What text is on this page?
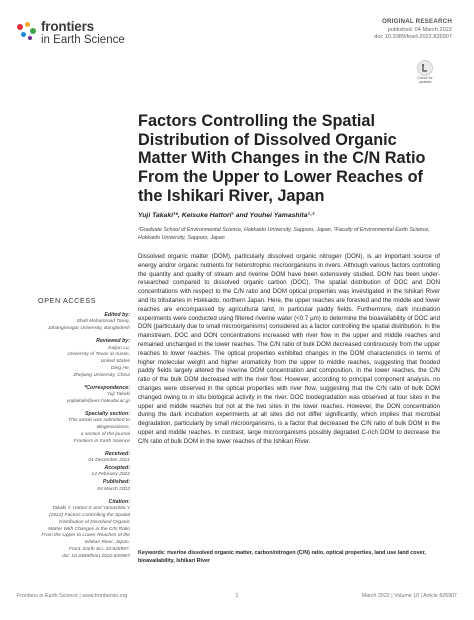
frontiers
in Earth Science
ORIGINAL RESEARCH
published: 04 March 2022
doi: 10.3389/feart.2022.826907
Check for updates
Factors Controlling the Spatial Distribution of Dissolved Organic Matter With Changes in the C/N Ratio From the Upper to Lower Reaches of the Ishikari River, Japan
Yuji Takaki¹*, Keisuke Hattori¹ and Youhei Yamashita¹·²
¹Graduate School of Environmental Science, Hokkaido University, Sapporo, Japan, ²Faculty of Environmental Earth Science, Hokkaido University, Sapporo, Japan
Dissolved organic matter (DOM), particularly dissolved organic nitrogen (DON), is an important source of energy and/or organic nutrients for heterotrophic microorganisms in rivers. Although various factors controlling the quantity and quality of stream and riverine DOM have been extensively studied, DON has been under-researched compared to dissolved organic carbon (DOC). The spatial distribution of DOC and DON concentrations with respect to the C/N ratio and DOM optical properties was investigated in the Ishikari River and its tributaries in Hokkaido, northern Japan. Here, the upper reaches are forested and the middle and lower reaches are encompassed by agricultural land, in particular paddy fields. Furthermore, dark incubation experiments were conducted using filtered riverine water (<0.7 µm) to determine the bioavailability of DOC and DON (particularly due to small microorganisms) considered as a factor controlling the spatial distribution. In the mainstream, DOC and DON concentrations increased with river flow in the upper and middle reaches and remained unchanged in the lower reaches. The C/N ratio of bulk DOM decreased continuously from the upper reaches to lower reaches. The optical properties exhibited changes in the DOM characteristics in terms of higher molecular weight and higher aromaticity from the upper to middle reaches, suggesting that flooded paddy fields largely altered the riverine DOM concentration and composition. In the lower reaches, the C/N ratio of the bulk DOM decreased with the river flow. However, according to principal component analysis, no changes were observed in the optical properties with river flow, suggesting that the C/N ratio of bulk DOM changed owing to in situ biological activity in the river. DOC biodegradation was observed at four sites in the upper and middle reaches but not at the two sites in the lower reaches. However, the DON concentration during the dark incubation experiments at all sites did not differ significantly, which implies that microbial degradation, particularly by small microorganisms, is a factor that decreased the C/N ratio of bulk DOM in the upper and middle reaches. In contrast, large microorganisms possibly degraded C-rich DOM to decrease the C/N ratio of bulk DOM in the lower reaches of the Ishikari River.
Keywords: riverine dissolved organic matter, carbon/nitrogen (C/N) ratio, optical properties, land use land cover, bioavailability, Ishikari River
OPEN ACCESS
Edited by:
Shafi Mohammad Tareq,
Jahangirnagar University, Bangladesh
Reviewed by:
Kaijun Lu,
University of Texas at Austin,
United States
Ding He,
Zhejiang University, China
*Correspondence:
Yuji Takaki
yujitakaki@ees.hokudai.ac.jp
Specialty section:
This article was submitted to
Biogeoscience,
a section of the journal
Frontiers in Earth Science
Received:
01 December 2021
Accepted:
14 February 2022
Published:
04 March 2022
Citation:
Takaki Y, Hattori K and Yamashita Y
(2022) Factors Controlling the Spatial
Distribution of Dissolved Organic
Matter With Changes in the C/N Ratio
From the Upper to Lower Reaches of the
Ishikari River, Japan.
Front. Earth Sci. 10:826907.
doi: 10.3389/feart.2022.826907
Frontiers in Earth Science | www.frontiersin.org	1	March 2022 | Volume 10 | Article 826907
